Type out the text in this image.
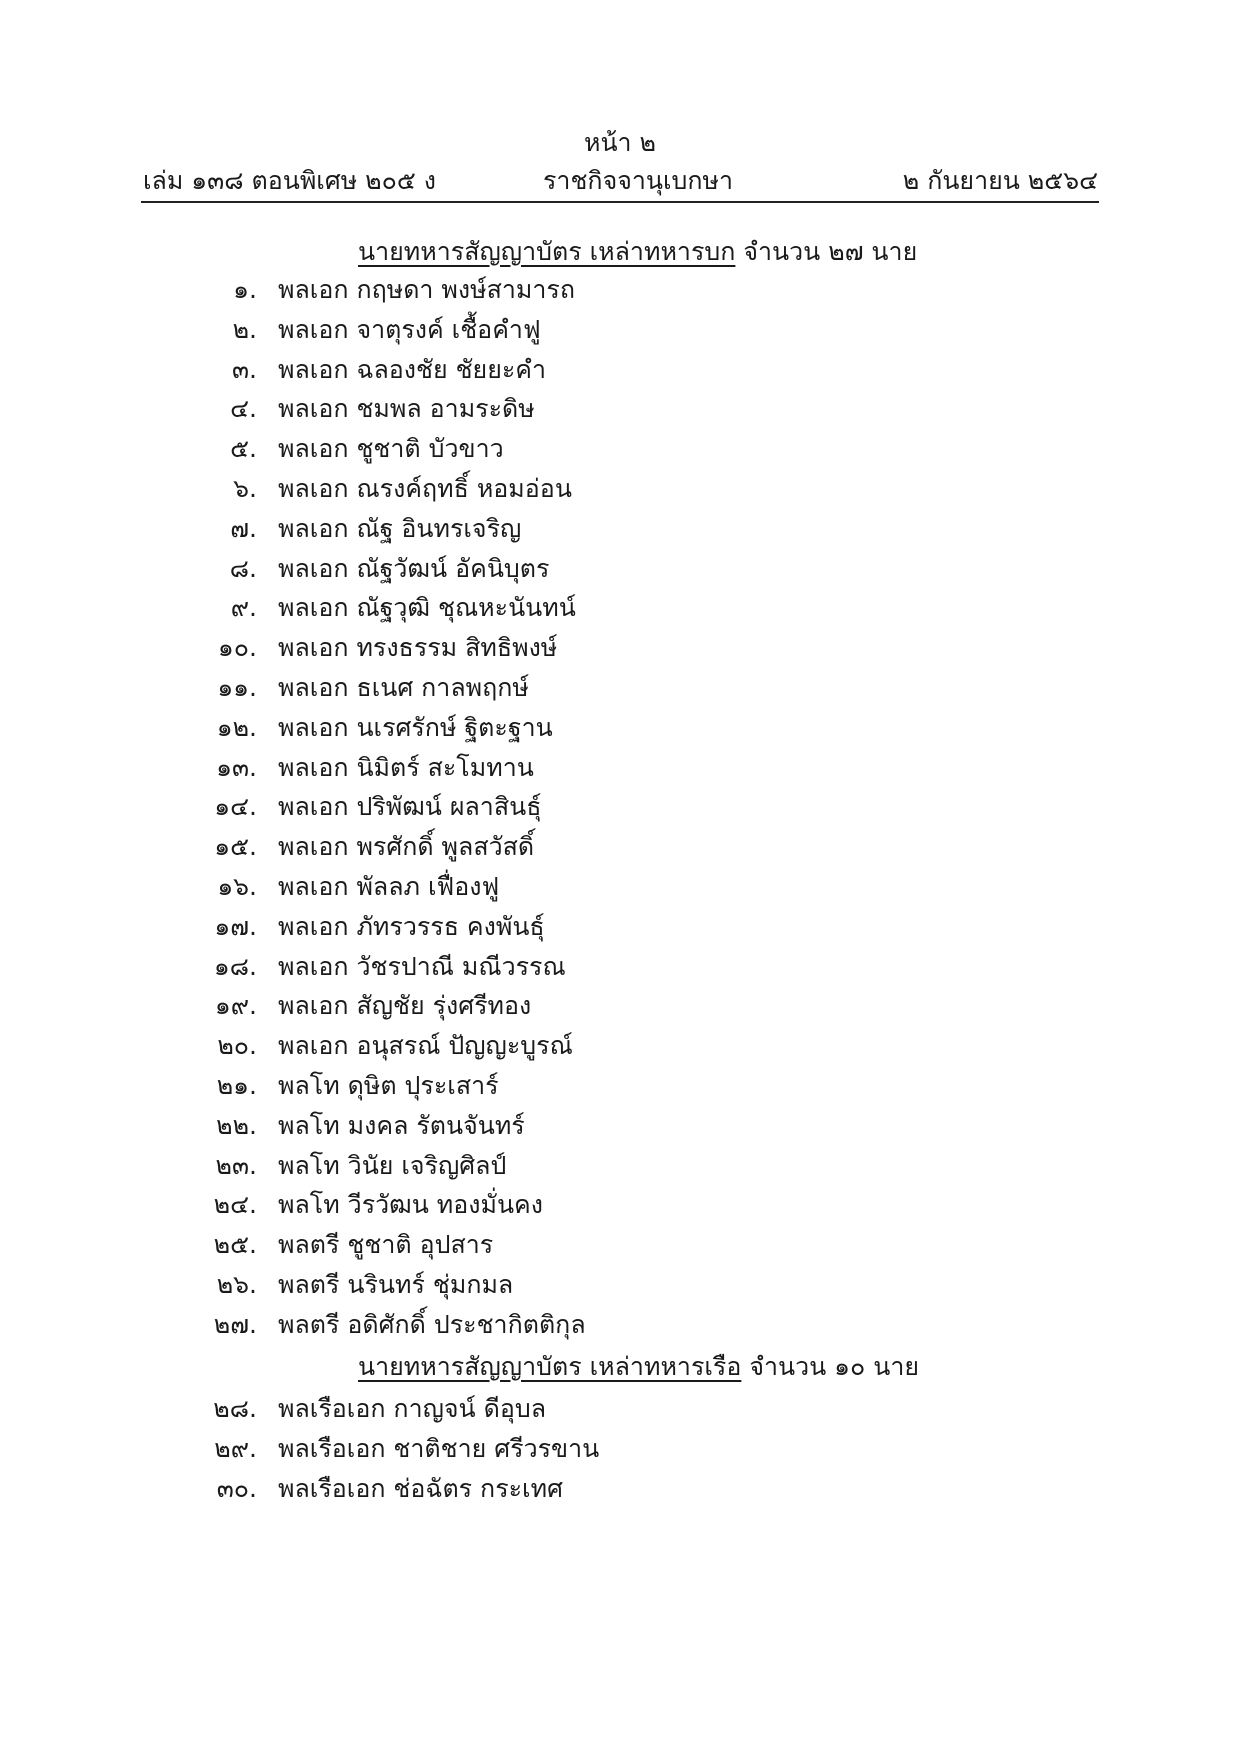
หน้า ๒
เล่ม ๑๓๘ ตอนพิเศษ ๒๐๕ ง	ราชกิจจานุเบกษา	๒ กันยายน ๒๕๖๔
นายทหารสัญญาบัตร เหล่าทหารบก จำนวน ๒๗ นาย
นายทหารสัญญาบัตร เหล่าทหารเรือ จำนวน ๑๐ นาย
๑. พลเอก กฤษดา พงษ์สามารถ
๒. พลเอก จาตุรงค์ เชื้อคำฟู
๓. พลเอก ฉลองชัย ชัยยะคำ
๔. พลเอก ชมพล อามระดิษ
๕. พลเอก ชูชาติ บัวขาว
๖. พลเอก ณรงค์ฤทธิ์ หอมอ่อน
๗. พลเอก ณัฐ อินทรเจริญ
๘. พลเอก ณัฐวัฒน์ อัคนิบุตร
๙. พลเอก ณัฐวุฒิ ชุณหะนันทน์
๑๐. พลเอก ทรงธรรม สิทธิพงษ์
๑๑. พลเอก ธเนศ กาลพฤกษ์
๑๒. พลเอก นเรศรักษ์ ฐิตะฐาน
๑๓. พลเอก นิมิตร์ สะโมทาน
๑๔. พลเอก ปริพัฒน์ ผลาสินธุ์
๑๕. พลเอก พรศักดิ์ พูลสวัสดิ์
๑๖. พลเอก พัลลภ เฟื่องฟู
๑๗. พลเอก ภัทรวรรธ คงพันธุ์
๑๘. พลเอก วัชรปาณี มณีวรรณ
๑๙. พลเอก สัญชัย รุ่งศรีทอง
๒๐. พลเอก อนุสรณ์ ปัญญะบูรณ์
๒๑. พลโท ดุษิต ปุระเสาร์
๒๒. พลโท มงคล รัตนจันทร์
๒๓. พลโท วินัย เจริญศิลป์
๒๔. พลโท วีรวัฒน ทองมั่นคง
๒๕. พลตรี ชูชาติ อุปสาร
๒๖. พลตรี นรินทร์ ชุ่มกมล
๒๗. พลตรี อดิศักดิ์ ประชากิตติกุล
๒๘. พลเรือเอก กาญจน์ ดีอุบล
๒๙. พลเรือเอก ชาติชาย ศรีวรขาน
๓๐. พลเรือเอก ช่อฉัตร กระเทศ
